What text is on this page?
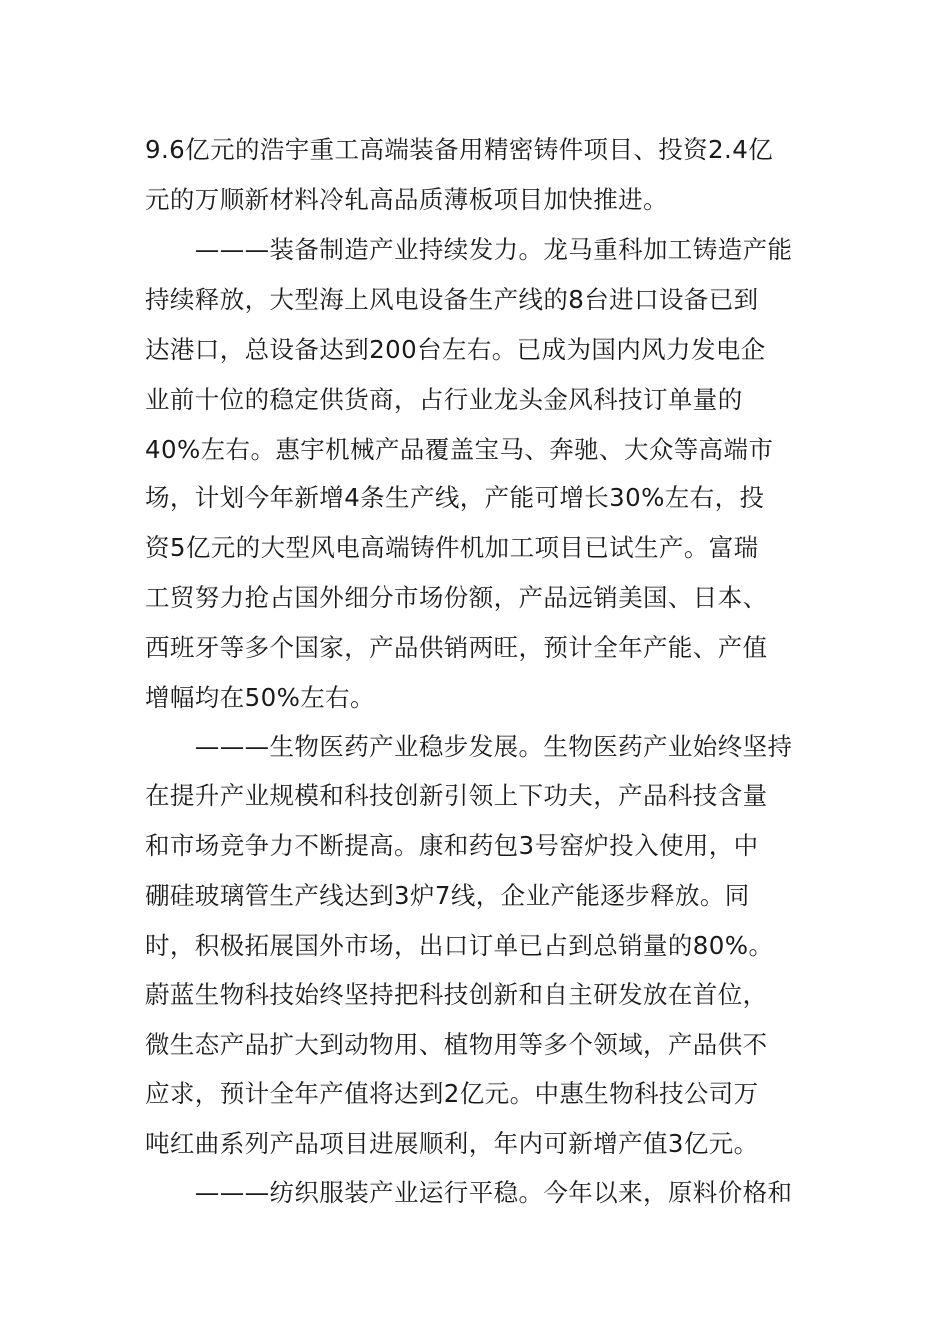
9.6亿元的浩宇重工高端装备用精密铸件项目、投资2.4亿
元的万顺新材料冷轧高品质薄板项目加快推进。
　　———装备制造产业持续发力。龙马重科加工铸造产能
持续释放，大型海上风电设备生产线的8台进口设备已到
达港口，总设备达到200台左右。已成为国内风力发电企
业前十位的稳定供货商，占行业龙头金风科技订单量的
40%左右。惠宇机械产品覆盖宝马、奔驰、大众等高端市
场，计划今年新增4条生产线，产能可增长30%左右，投
资5亿元的大型风电高端铸件机加工项目已试生产。富瑞
工贸努力抢占国外细分市场份额，产品远销美国、日本、
西班牙等多个国家，产品供销两旺，预计全年产能、产值
增幅均在50%左右。
　　———生物医药产业稳步发展。生物医药产业始终坚持
在提升产业规模和科技创新引领上下功夫，产品科技含量
和市场竞争力不断提高。康和药包3号窑炉投入使用，中
硼硅玻璃管生产线达到3炉7线，企业产能逐步释放。同
时，积极拓展国外市场，出口订单已占到总销量的80%。
蔚蓝生物科技始终坚持把科技创新和自主研发放在首位，
微生态产品扩大到动物用、植物用等多个领域，产品供不
应求，预计全年产值将达到2亿元。中惠生物科技公司万
吨红曲系列产品项目进展顺利，年内可新增产值3亿元。
　　———纺织服装产业运行平稳。今年以来，原料价格和
